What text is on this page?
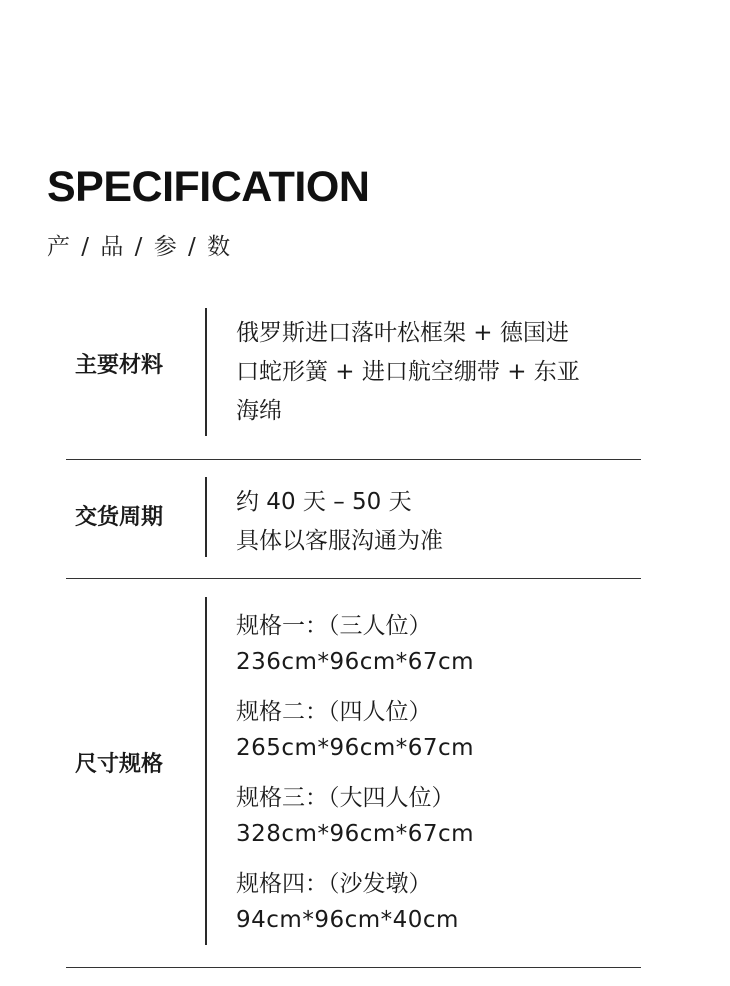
SPECIFICATION
产 / 品 / 参 / 数
主要材料
俄罗斯进口落叶松框架 + 德国进
口蛇形簧 + 进口航空绷带 + 东亚
海绵
交货周期
约 40 天 – 50 天
具体以客服沟通为准
尺寸规格
规格一：（三人位）
236cm*96cm*67cm
规格二：（四人位）
265cm*96cm*67cm
规格三：（大四人位）
328cm*96cm*67cm
规格四：（沙发墩）
94cm*96cm*40cm
